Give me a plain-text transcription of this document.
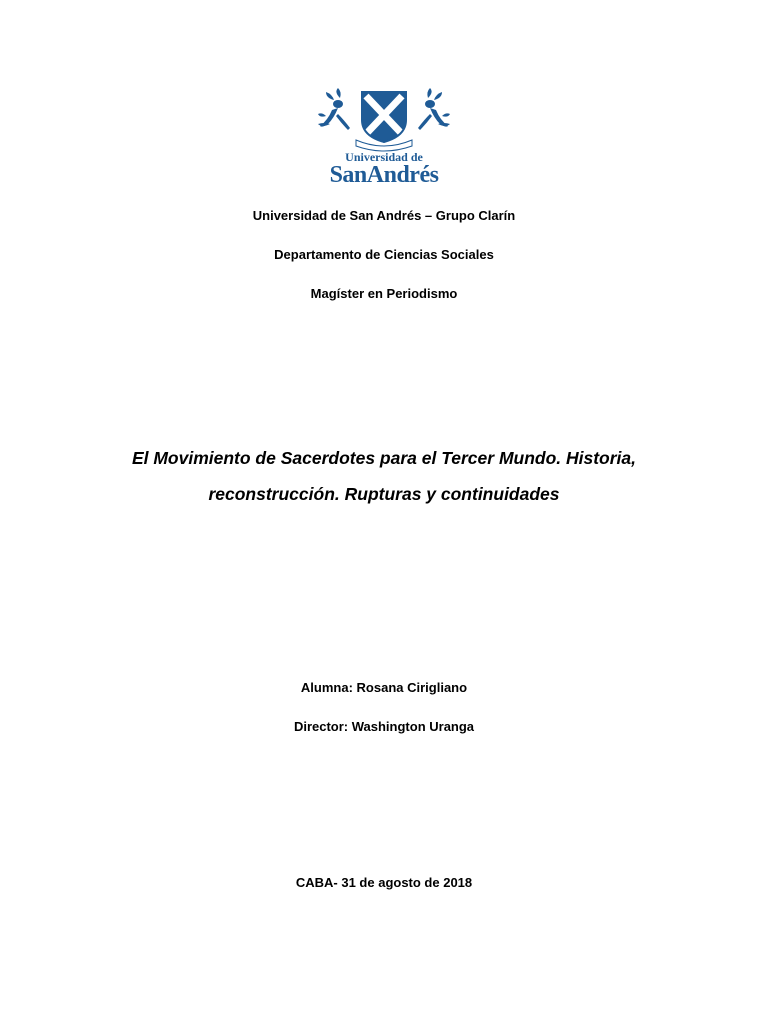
Universidad de
SanAndrés
Universidad de San Andrés – Grupo Clarín
Departamento de Ciencias Sociales
Magíster en Periodismo
El Movimiento de Sacerdotes para el Tercer Mundo. Historia, reconstrucción. Rupturas y continuidades
Alumna: Rosana Cirigliano
Director: Washington Uranga
CABA- 31 de agosto de 2018
